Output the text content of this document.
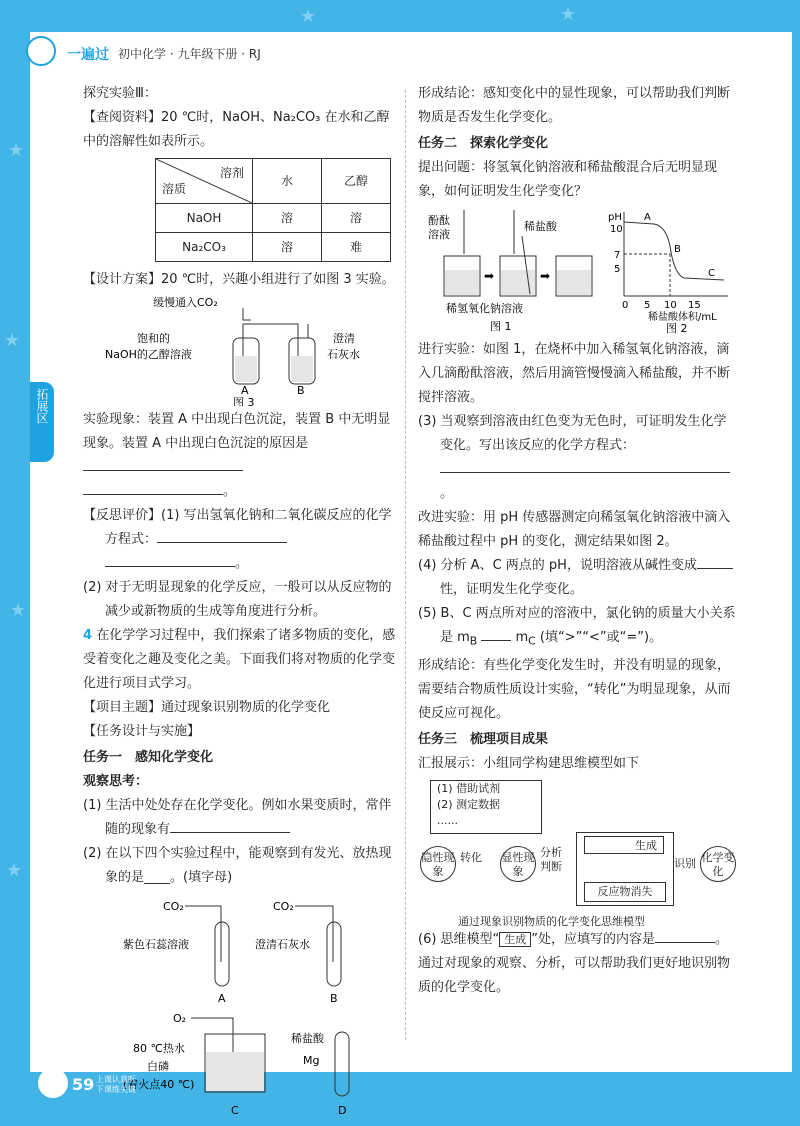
★
★
★
★
★	★
一遍过 初中化学 · 九年级下册 · RJ
拓展区

探究实验Ⅲ：

【查阅资料】20 ℃时，NaOH、Na₂CO₃ 在水和乙醇中的溶解性如表所示。

溶剂
溶质	水	乙醇
NaOH	溶	溶
Na₂CO₃	溶	难

【设计方案】20 ℃时，兴趣小组进行了如图 3 实验。

缓慢通入CO₂
饱和的
NaOH的乙醇溶液
澄清
石灰水
A	B
图 3

实验现象：装置 A 中出现白色沉淀，装置 B 中无明显现象。装置 A 中出现白色沉淀的原因是
。

【反思评价】(1) 写出氢氧化钠和二氧化碳反应的化学方程式：
。

(2) 对于无明显现象的化学反应，一般可以从反应物的减少或新物质的生成等角度进行分析。

4 在化学学习过程中，我们探索了诸多物质的变化，感受着变化之趣及变化之美。下面我们将对物质的化学变化进行项目式学习。

【项目主题】通过现象识别物质的化学变化

【任务设计与实施】

任务一　感知化学变化

观察思考：

(1) 生活中处处存在化学变化。例如水果变质时，常伴随的现象有

(2) 在以下四个实验过程中，能观察到有发光、放热现象的是____。(填字母)

CO₂
紫色石蕊溶液
A
CO₂
澄清石灰水
B
O₂
80 ℃热水
白磷
(着火点40 ℃)
C
稀盐酸
Mg
D

形成结论：感知变化中的显性现象，可以帮助我们判断物质是否发生化学变化。

任务二　探索化学变化

提出问题：将氢氧化钠溶液和稀盐酸混合后无明显现象，如何证明发生化学变化？

酚酞
溶液
➡
稀盐酸
➡
稀氢氧化钠溶液
图 1
pH
10
7
5
0 5 10 15
A
B
C
稀盐酸体积/mL
图 2

进行实验：如图 1，在烧杯中加入稀氢氧化钠溶液，滴入几滴酚酞溶液，然后用滴管慢慢滴入稀盐酸，并不断搅拌溶液。

(3) 当观察到溶液由红色变为无色时，可证明发生化学变化。写出该反应的化学方程式：
。

改进实验：用 pH 传感器测定向稀氢氧化钠溶液中滴入稀盐酸过程中 pH 的变化，测定结果如图 2。

(4) 分析 A、C 两点的 pH，说明溶液从碱性变成性，证明发生化学变化。

(5) B、C 两点所对应的溶液中，氯化钠的质量大小关系是 $m_B$	$m_C$ (填“>”“<”或“=”)。

形成结论：有些化学变化发生时，并没有明显的现象，需要结合物质性质设计实验，“转化”为明显现象，从而使反应可视化。

任务三　梳理项目成果

汇报展示：小组同学构建思维模型如下

(1) 借助试剂
(2) 测定数据
......
隐性现象
转化 显性现象
分析判断
生成
反应物消失
识别 化学变化
通过现象识别物质的化学变化思维模型

(6) 思维模型“ 生成 ”处，应填写的内容是	。

通过对现象的观察、分析，可以帮助我们更好地识别物质的化学变化。

59 上课认真听
下课练关键
